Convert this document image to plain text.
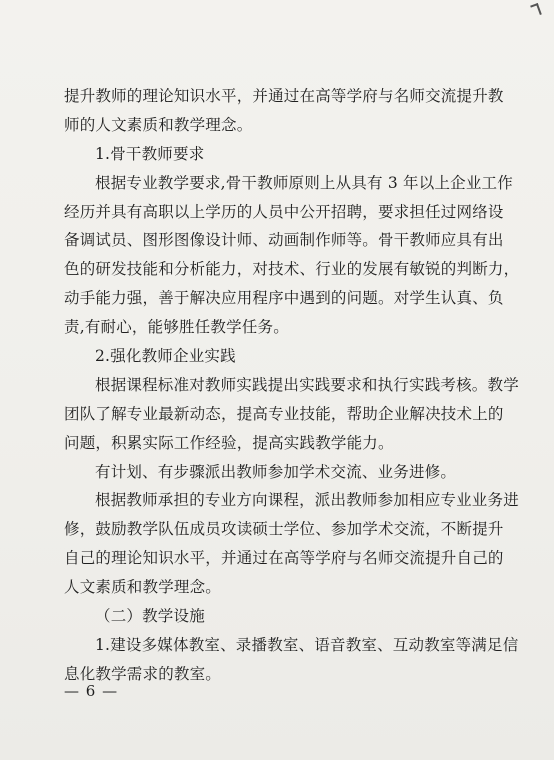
提升教师的理论知识水平，并通过在高等学府与名师交流提升教
师的人文素质和教学理念。
1.骨干教师要求
根据专业教学要求,骨干教师原则上从具有 3 年以上企业工作
经历并具有高职以上学历的人员中公开招聘，要求担任过网络设
备调试员、图形图像设计师、动画制作师等。骨干教师应具有出
色的研发技能和分析能力，对技术、行业的发展有敏锐的判断力，
动手能力强，善于解决应用程序中遇到的问题。对学生认真、负
责,有耐心，能够胜任教学任务。
2.强化教师企业实践
根据课程标准对教师实践提出实践要求和执行实践考核。教学
团队了解专业最新动态，提高专业技能，帮助企业解决技术上的
问题，积累实际工作经验，提高实践教学能力。
有计划、有步骤派出教师参加学术交流、业务进修。
根据教师承担的专业方向课程，派出教师参加相应专业业务进
修，鼓励教学队伍成员攻读硕士学位、参加学术交流，不断提升
自己的理论知识水平，并通过在高等学府与名师交流提升自己的
人文素质和教学理念。
（二）教学设施
1.建设多媒体教室、录播教室、语音教室、互动教室等满足信
息化教学需求的教室。
— 6 —
